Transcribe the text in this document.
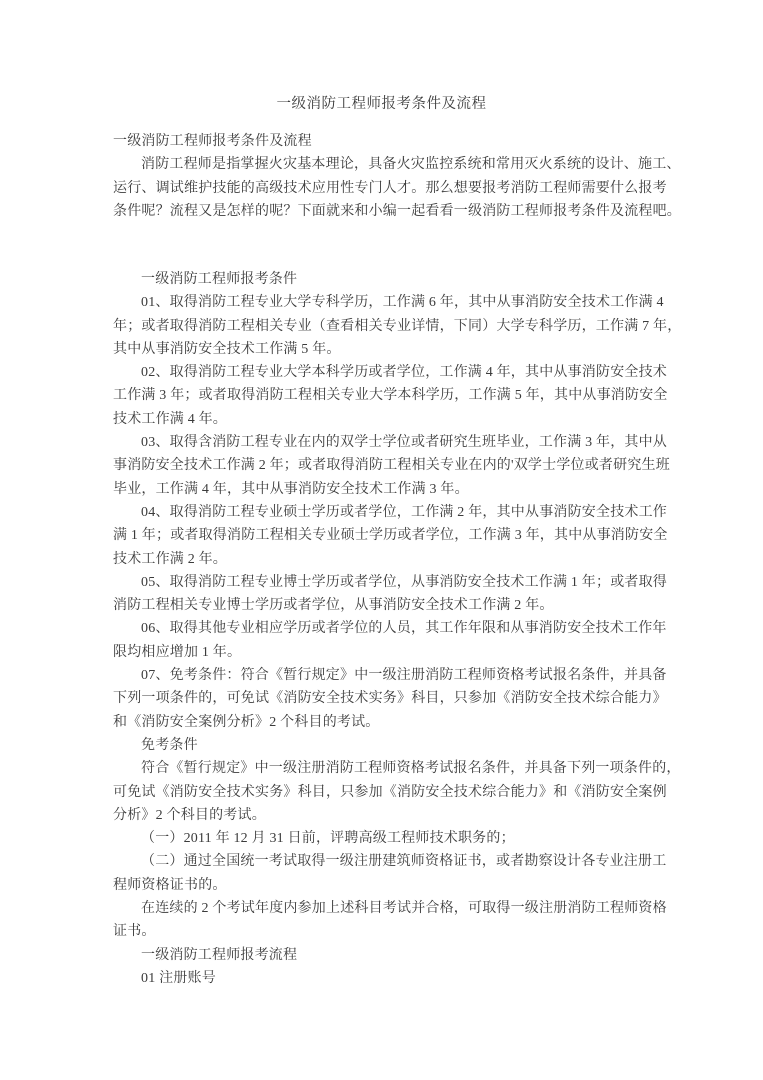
一级消防工程师报考条件及流程
一级消防工程师报考条件及流程
消防工程师是指掌握火灾基本理论，具备火灾监控系统和常用灭火系统的设计、施工、
运行、调试维护技能的高级技术应用性专门人才。那么想要报考消防工程师需要什么报考
条件呢？流程又是怎样的呢？下面就来和小编一起看看一级消防工程师报考条件及流程吧。
一级消防工程师报考条件
01、取得消防工程专业大学专科学历，工作满 6 年，其中从事消防安全技术工作满 4
年；或者取得消防工程相关专业（查看相关专业详情，下同）大学专科学历，工作满 7 年，
其中从事消防安全技术工作满 5 年。
02、取得消防工程专业大学本科学历或者学位，工作满 4 年，其中从事消防安全技术
工作满 3 年；或者取得消防工程相关专业大学本科学历，工作满 5 年，其中从事消防安全
技术工作满 4 年。
03、取得含消防工程专业在内的双学士学位或者研究生班毕业，工作满 3 年，其中从
事消防安全技术工作满 2 年；或者取得消防工程相关专业在内的'双学士学位或者研究生班
毕业，工作满 4 年，其中从事消防安全技术工作满 3 年。
04、取得消防工程专业硕士学历或者学位，工作满 2 年，其中从事消防安全技术工作
满 1 年；或者取得消防工程相关专业硕士学历或者学位，工作满 3 年，其中从事消防安全
技术工作满 2 年。
05、取得消防工程专业博士学历或者学位，从事消防安全技术工作满 1 年；或者取得
消防工程相关专业博士学历或者学位，从事消防安全技术工作满 2 年。
06、取得其他专业相应学历或者学位的人员，其工作年限和从事消防安全技术工作年
限均相应增加 1 年。
07、免考条件：符合《暂行规定》中一级注册消防工程师资格考试报名条件，并具备
下列一项条件的，可免试《消防安全技术实务》科目，只参加《消防安全技术综合能力》
和《消防安全案例分析》2 个科目的考试。
免考条件
符合《暂行规定》中一级注册消防工程师资格考试报名条件，并具备下列一项条件的，
可免试《消防安全技术实务》科目，只参加《消防安全技术综合能力》和《消防安全案例
分析》2 个科目的考试。
（一）2011 年 12 月 31 日前，评聘高级工程师技术职务的；
（二）通过全国统一考试取得一级注册建筑师资格证书，或者勘察设计各专业注册工
程师资格证书的。
在连续的 2 个考试年度内参加上述科目考试并合格，可取得一级注册消防工程师资格
证书。
一级消防工程师报考流程
01 注册账号
